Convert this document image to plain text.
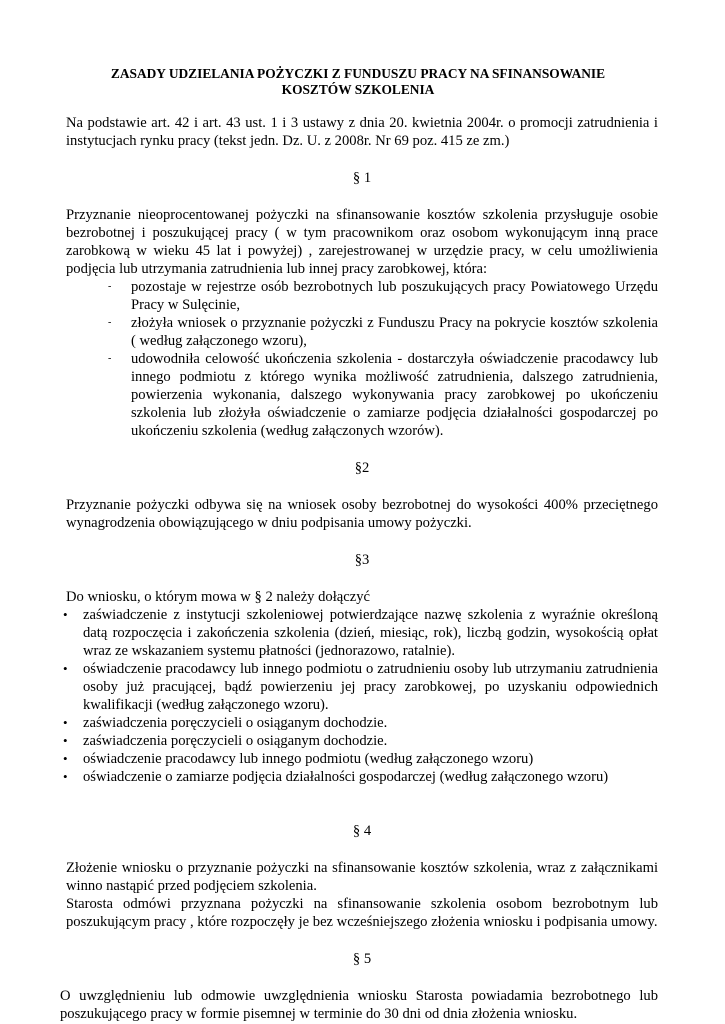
ZASADY UDZIELANIA POŻYCZKI Z FUNDUSZU PRACY NA SFINANSOWANIE
KOSZTÓW SZKOLENIA

Na podstawie art. 42 i art. 43 ust. 1 i 3 ustawy z dnia 20. kwietnia 2004r. o promocji zatrudnienia i instytucjach rynku pracy (tekst jedn. Dz. U. z 2008r. Nr 69 poz. 415 ze zm.)

§ 1

Przyznanie nieoprocentowanej pożyczki na sfinansowanie kosztów szkolenia przysługuje osobie bezrobotnej i poszukującej pracy ( w tym pracownikom oraz osobom wykonującym inną prace zarobkową w wieku 45 lat i powyżej) , zarejestrowanej w urzędzie pracy, w celu umożliwienia podjęcia lub utrzymania zatrudnienia lub innej pracy zarobkowej, która:

- pozostaje w rejestrze osób bezrobotnych lub poszukujących pracy Powiatowego Urzędu Pracy w Sulęcinie,
- złożyła wniosek o przyznanie pożyczki z Funduszu Pracy na pokrycie kosztów szkolenia ( według załączonego wzoru),
- udowodniła celowość ukończenia szkolenia - dostarczyła oświadczenie pracodawcy lub innego podmiotu z którego wynika możliwość zatrudnienia, dalszego zatrudnienia, powierzenia wykonania, dalszego wykonywania pracy zarobkowej po ukończeniu szkolenia lub złożyła oświadczenie o zamiarze podjęcia działalności gospodarczej po ukończeniu szkolenia (według załączonych wzorów).
§2

Przyznanie pożyczki odbywa się na wniosek osoby bezrobotnej do wysokości 400% przeciętnego wynagrodzenia obowiązującego w dniu podpisania umowy pożyczki.

§3

Do wniosku, o którym mowa w § 2 należy dołączyć

• zaświadczenie z instytucji szkoleniowej potwierdzające nazwę szkolenia z wyraźnie określoną datą rozpoczęcia i zakończenia szkolenia (dzień, miesiąc, rok), liczbą godzin, wysokością opłat wraz ze wskazaniem systemu płatności (jednorazowo, ratalnie).
• oświadczenie pracodawcy lub innego podmiotu o zatrudnieniu osoby lub utrzymaniu zatrudnienia osoby już pracującej, bądź powierzeniu jej pracy zarobkowej, po uzyskaniu odpowiednich kwalifikacji (według załączonego wzoru).
• zaświadczenia poręczycieli o osiąganym dochodzie.
• zaświadczenia poręczycieli o osiąganym dochodzie.
• oświadczenie pracodawcy lub innego podmiotu (według załączonego wzoru)
• oświadczenie o zamiarze podjęcia działalności gospodarczej (według załączonego wzoru)
§ 4

Złożenie wniosku o przyznanie pożyczki na sfinansowanie kosztów szkolenia, wraz z załącznikami winno nastąpić przed podjęciem szkolenia.

Starosta odmówi przyznana pożyczki na sfinansowanie szkolenia osobom bezrobotnym lub poszukującym pracy , które rozpoczęły je bez wcześniejszego złożenia wniosku i podpisania umowy.

§ 5

O uwzględnieniu lub odmowie uwzględnienia wniosku Starosta powiadamia bezrobotnego lub poszukującego pracy w formie pisemnej w terminie do 30 dni od dnia złożenia wniosku.
